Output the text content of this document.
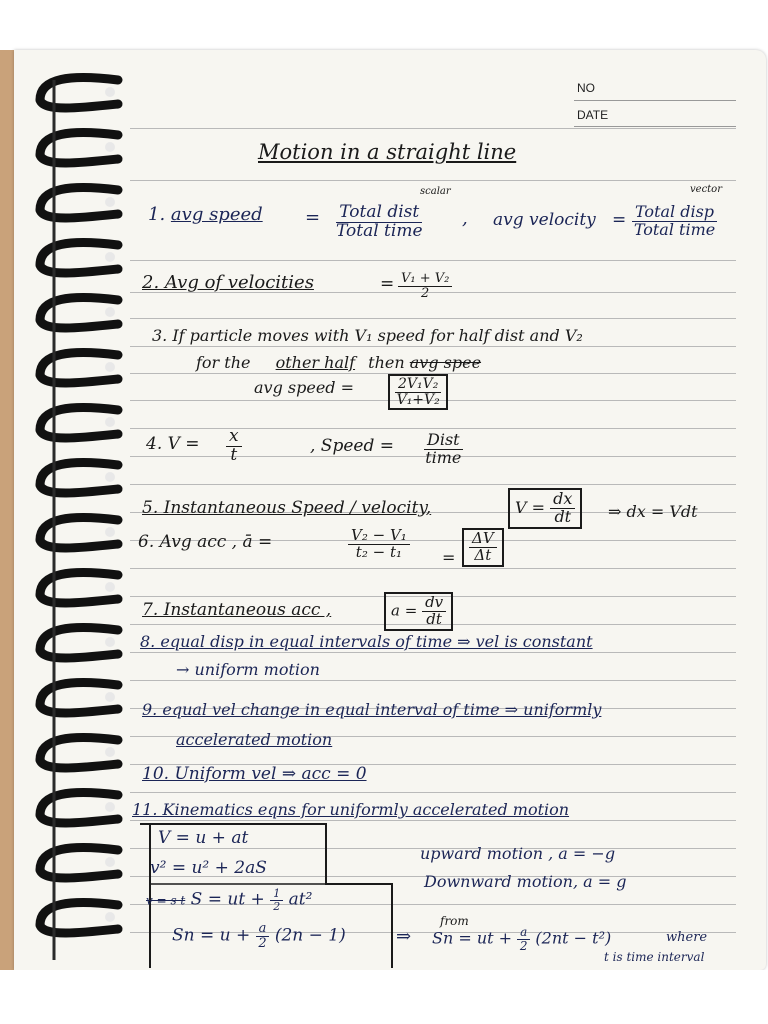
NO
DATE
Motion in a straight line
1. avg speed = $\frac{\text{Total dist}}{\text{Total time}}$
scalar
, avg velocity = $\frac{\text{Total disp}}{\text{Total time}}$
vector
2. Avg of velocities	= $\frac{\text{V₁ + V₂}}{2}$
3. If particle moves with V₁ speed for half dist and V₂
for the other half then avg spee
avg speed =	$\frac{\text{2V₁V₂}}{\text{V₁+V₂}}$
4. $V = \frac{x}{t}$	, Speed = $\frac{\text{Dist}}{\text{time}}$
5. Instantaneous Speed / velocity,	$V = \frac{dx}{dt}$ ⇒ dx = Vdt
6. Avg acc , ā =	$\frac{\text{V₂ − V₁}}{\text{t₂ − t₁}} = \frac{\Delta V}{\Delta t}$
7. Instantaneous acc ,	$a = \frac{dv}{dt}$
8. equal disp in equal intervals of time ⇒ vel is constant
→ uniform motion
9. equal vel change in equal interval of time ⇒ uniformly
accelerated motion
10. Uniform vel ⇒ acc = 0
11. Kinematics eqns for uniformly accelerated motion
V = u + at
v² = u² + 2aS
v = s t S = ut + $\frac{1}{2} at^2$
$Sn = u + \frac{a}{2} (2n - 1)$	⇒
upward motion , a = −g
Downward motion, a = g
from
Sn = ut + $\frac{a}{2} (2nt - t^2)$	where
t is time interval
